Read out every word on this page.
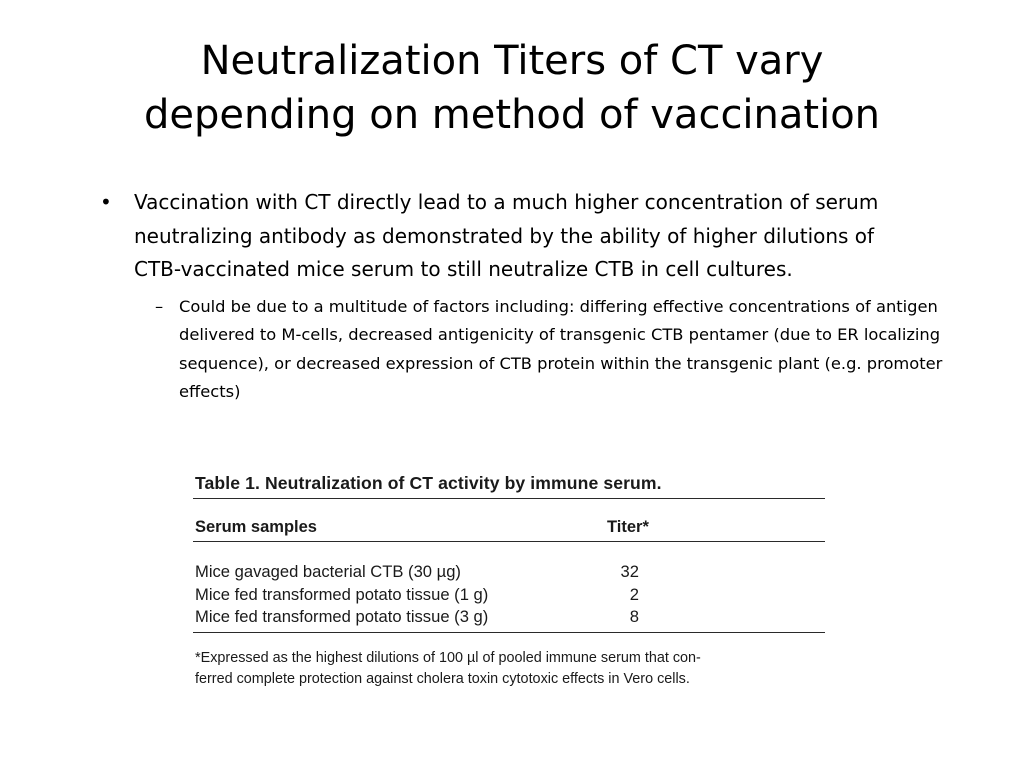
Neutralization Titers of CT vary
depending on method of vaccination
• Vaccination with CT directly lead to a much higher concentration of serum neutralizing antibody as demonstrated by the ability of higher dilutions of CTB-vaccinated mice serum to still neutralize CTB in cell cultures.
– Could be due to a multitude of factors including: differing effective concentrations of antigen delivered to M-cells, decreased antigenicity of transgenic CTB pentamer (due to ER localizing sequence), or decreased expression of CTB protein within the transgenic plant (e.g. promoter effects)
Table 1. Neutralization of CT activity by immune serum.
Serum samples	Titer*
Mice gavaged bacterial CTB (30 µg)	32
Mice fed transformed potato tissue (1 g)	2
Mice fed transformed potato tissue (3 g)	8
*Expressed as the highest dilutions of 100 µl of pooled immune serum that con-
ferred complete protection against cholera toxin cytotoxic effects in Vero cells.
